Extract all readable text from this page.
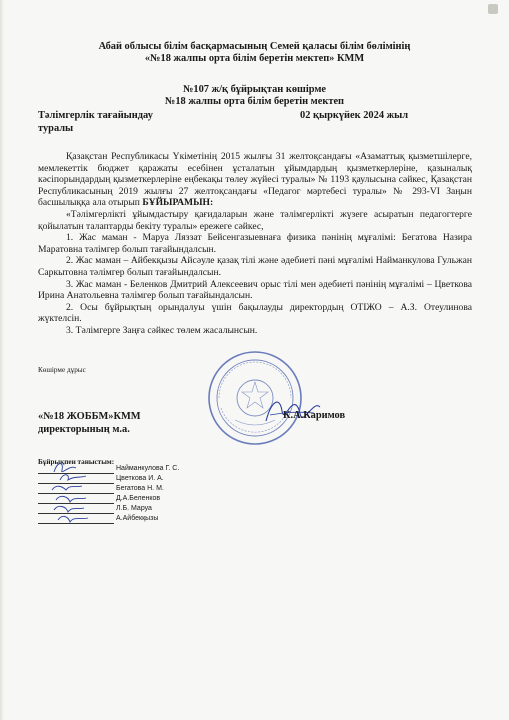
Абай облысы білім басқармасының Семей қаласы білім бөлімінің
«№18 жалпы орта білім беретін мектеп» КММ
№107 ж/қ бұйрықтан көшірме
№18 жалпы орта білім беретін мектеп
Тәлімгерлік тағайындау
туралы
02 қыркүйек 2024 жыл

Қазақстан Республикасы Үкіметінің 2015 жылғы 31 желтоқсандағы «Азаматтық қызметшілерге, мемлекеттік бюджет қаражаты есебінен ұсталатын ұйымдардың қызметкерлеріне, қазыналық кәсіпорындардың қызметкерлеріне еңбекақы төлеу жүйесі туралы» № 1193 қаулысына сәйкес, Қазақстан Республикасының 2019 жылғы 27 желтоқсандағы «Педагог мәртебесі туралы» № 293-VI Заңын басшылыққа ала отырып БҰЙЫРАМЫН:

«Тәлімгерлікті ұйымдастыру қағидаларын және тәлімгерлікті жүзеге асыратын педагогтерге қойылатын талаптарды бекіту туралы» ережеге сәйкес,

1. Жас маман - Маруа Ляззат Бейсенгазыевнаға физика пәнінің мұғалімі: Бегатова Назира Маратовна тәлімгер болып тағайындалсын.

2. Жас маман – Айбекқызы Айсәуле қазақ тілі және әдебиеті пәні мұғалімі Найманкулова Гульжан Саркытовна тәлімгер болып тағайындалсын.

3. Жас маман - Беленков Дмитрий Алексеевич орыс тілі мен әдебиеті пәнінің мұғалімі – Цветкова Ирина Анатольевна тәлімгер болып тағайындалсын.

2. Осы бұйрықтың орындалуы үшін бақылауды директордың ОТІЖО – А.З. Отеулинова жүктелсін.

3. Тәлімгерге Заңға сәйкес төлем жасалынсын.

Көшірме дұрыс
«№18 ЖОББМ»КММ
директорының м.а.
К.А.Каримов
Бұйрықпен таныстым:
Найманкулова Г. С.
Цветкова И. А.
Бегатова Н. М.
Д.А.Беленков
Л.Б. Маруа
А.Айбекқызы
